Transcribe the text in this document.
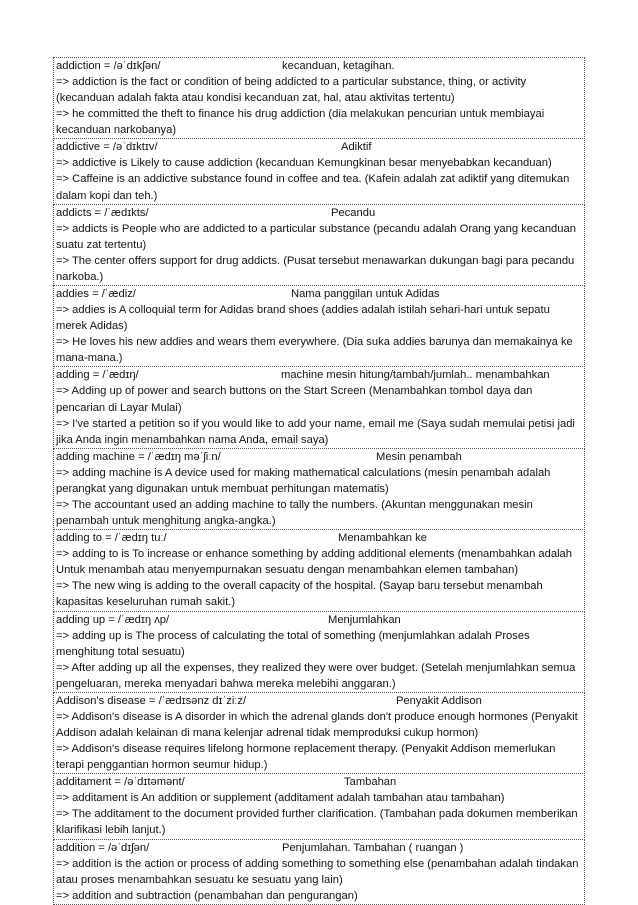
addiction = /əˈdɪkʃən/	kecanduan, ketagihan.
=> addiction is the fact or condition of being addicted to a particular substance, thing, or activity (kecanduan adalah fakta atau kondisi kecanduan zat, hal, atau aktivitas tertentu)
=> he committed the theft to finance his drug addiction (dia melakukan pencurian untuk membiayai kecanduan narkobanya)
addictive = /əˈdɪktɪv/	Adiktif
=> addictive is Likely to cause addiction (kecanduan Kemungkinan besar menyebabkan kecanduan)
=> Caffeine is an addictive substance found in coffee and tea. (Kafein adalah zat adiktif yang ditemukan dalam kopi dan teh.)
addicts = /ˈædɪkts/	Pecandu
=> addicts is People who are addicted to a particular substance (pecandu adalah Orang yang kecanduan suatu zat tertentu)
=> The center offers support for drug addicts. (Pusat tersebut menawarkan dukungan bagi para pecandu narkoba.)
addies = /ˈædiz/	Nama panggilan untuk Adidas
=> addies is A colloquial term for Adidas brand shoes (addies adalah istilah sehari-hari untuk sepatu merek Adidas)
=> He loves his new addies and wears them everywhere. (Dia suka addies barunya dan memakainya ke mana-mana.)
adding = /ˈædɪŋ/	machine mesin hitung/tambah/jumlah.. menambahkan
=> Adding up of power and search buttons on the Start Screen (Menambahkan tombol daya dan pencarian di Layar Mulai)
=> I've started a petition so if you would like to add your name, email me (Saya sudah memulai petisi jadi jika Anda ingin menambahkan nama Anda, email saya)
adding machine = /ˈædɪŋ məˈʃiːn/	Mesin penambah
=> adding machine is A device used for making mathematical calculations (mesin penambah adalah perangkat yang digunakan untuk membuat perhitungan matematis)
=> The accountant used an adding machine to tally the numbers. (Akuntan menggunakan mesin penambah untuk menghitung angka-angka.)
adding to = /ˈædɪŋ tuː/	Menambahkan ke
=> adding to is To increase or enhance something by adding additional elements (menambahkan adalah Untuk menambah atau menyempurnakan sesuatu dengan menambahkan elemen tambahan)
=> The new wing is adding to the overall capacity of the hospital. (Sayap baru tersebut menambah kapasitas keseluruhan rumah sakit.)
adding up = /ˈædɪŋ ʌp/	Menjumlahkan
=> adding up is The process of calculating the total of something (menjumlahkan adalah Proses menghitung total sesuatu)
=> After adding up all the expenses, they realized they were over budget. (Setelah menjumlahkan semua pengeluaran, mereka menyadari bahwa mereka melebihi anggaran.)
Addison's disease = /ˈædɪsənz dɪˈziːz/	Penyakit Addison
=> Addison's disease is A disorder in which the adrenal glands don't produce enough hormones (Penyakit Addison adalah kelainan di mana kelenjar adrenal tidak memproduksi cukup hormon)
=> Addison's disease requires lifelong hormone replacement therapy. (Penyakit Addison memerlukan terapi penggantian hormon seumur hidup.)
additament = /əˈdɪtəmənt/	Tambahan
=> additament is An addition or supplement (additament adalah tambahan atau tambahan)
=> The additament to the document provided further clarification. (Tambahan pada dokumen memberikan klarifikasi lebih lanjut.)
addition = /əˈdɪʃən/	Penjumlahan. Tambahan ( ruangan )
=> addition is the action or process of adding something to something else (penambahan adalah tindakan atau proses menambahkan sesuatu ke sesuatu yang lain)
=> addition and subtraction (penambahan dan pengurangan)
